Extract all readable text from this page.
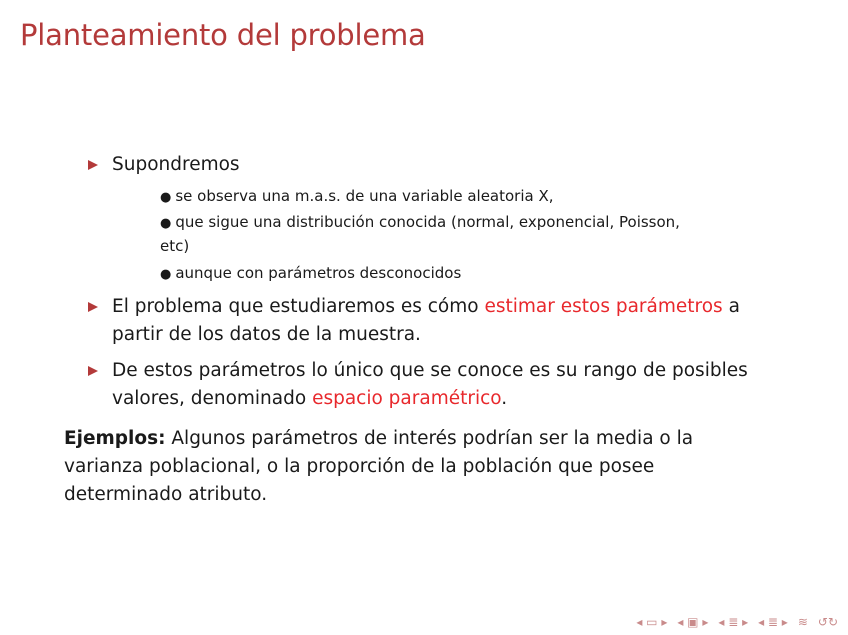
Planteamiento del problema
Supondremos
● se observa una m.a.s. de una variable aleatoria X,
● que sigue una distribución conocida (normal, exponencial, Poisson,
etc)
● aunque con parámetros desconocidos
El problema que estudiaremos es cómo estimar estos parámetros a
partir de los datos de la muestra.
De estos parámetros lo único que se conoce es su rango de posibles
valores, denominado espacio paramétrico.
Ejemplos: Algunos parámetros de interés podrían ser la media o la
varianza poblacional, o la proporción de la población que posee
determinado atributo.
◂ ▭ ▸ ◂ ▣ ▸ ◂ ≣ ▸ ◂ ≣ ▸ ≋ ↺↻
